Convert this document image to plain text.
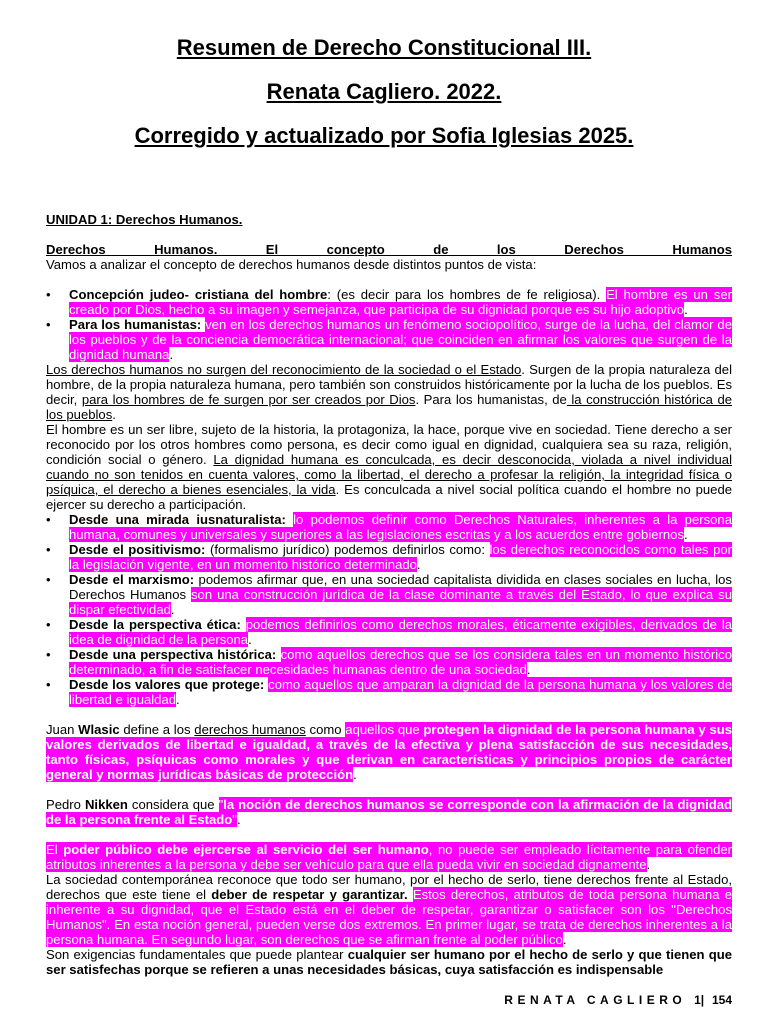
Resumen de Derecho Constitucional III.

Renata Cagliero. 2022.

Corregido y actualizado por Sofia Iglesias 2025.

UNIDAD 1: Derechos Humanos.

Derechos Humanos. El concepto de los Derechos Humanos

Vamos a analizar el concepto de derechos humanos desde distintos puntos de vista:

• Concepción judeo- cristiana del hombre: (es decir para los hombres de fe religiosa). El hombre es un ser creado por Dios, hecho a su imagen y semejanza, que participa de su dignidad porque es su hijo adoptivo.
• Para los humanistas: ven en los derechos humanos un fenómeno sociopolítico, surge de la lucha, del clamor de los pueblos y de la conciencia democrática internacional; que coinciden en afirmar los valores que surgen de la dignidad humana.

Los derechos humanos no surgen del reconocimiento de la sociedad o el Estado. Surgen de la propia naturaleza del hombre, de la propia naturaleza humana, pero también son construidos históricamente por la lucha de los pueblos. Es decir, para los hombres de fe surgen por ser creados por Dios. Para los humanistas, de la construcción histórica de los pueblos.

El hombre es un ser libre, sujeto de la historia, la protagoniza, la hace, porque vive en sociedad. Tiene derecho a ser reconocido por los otros hombres como persona, es decir como igual en dignidad, cualquiera sea su raza, religión, condición social o género. La dignidad humana es conculcada, es decir desconocida, violada a nivel individual cuando no son tenidos en cuenta valores, como la libertad, el derecho a profesar la religión, la integridad física o psíquica, el derecho a bienes esenciales, la vida. Es conculcada a nivel social política cuando el hombre no puede ejercer su derecho a participación.

• Desde una mirada iusnaturalista: lo podemos definir como Derechos Naturales, inherentes a la persona humana, comunes y universales y superiores a las legislaciones escritas y a los acuerdos entre gobiernos.
• Desde el positivismo: (formalismo jurídico) podemos definirlos como: los derechos reconocidos como tales por la legislación vigente, en un momento histórico determinado.
• Desde el marxismo: podemos afirmar que, en una sociedad capitalista dividida en clases sociales en lucha, los Derechos Humanos son una construcción jurídica de la clase dominante a través del Estado, lo que explica su dispar efectividad.
• Desde la perspectiva ética: podemos definirlos como derechos morales, éticamente exigibles, derivados de la idea de dignidad de la persona.
• Desde una perspectiva histórica: como aquellos derechos que se los considera tales en un momento histórico determinado, a fin de satisfacer necesidades humanas dentro de una sociedad.
• Desde los valores que protege: como aquellos que amparan la dignidad de la persona humana y los valores de libertad e igualdad.

Juan Wlasic define a los derechos humanos como aquellos que protegen la dignidad de la persona humana y sus valores derivados de libertad e igualdad, a través de la efectiva y plena satisfacción de sus necesidades, tanto físicas, psíquicas como morales y que derivan en características y principios propios de carácter general y normas jurídicas básicas de protección.

Pedro Nikken considera que "la noción de derechos humanos se corresponde con la afirmación de la dignidad de la persona frente al Estado".

El poder público debe ejercerse al servicio del ser humano, no puede ser empleado lícitamente para ofender atributos inherentes a la persona y debe ser vehículo para que ella pueda vivir en sociedad dignamente.

La sociedad contemporánea reconoce que todo ser humano, por el hecho de serlo, tiene derechos frente al Estado, derechos que este tiene el deber de respetar y garantizar. Estos derechos, atributos de toda persona humana e inherente a su dignidad, que el Estado está en el deber de respetar, garantizar o satisfacer son los "Derechos Humanos". En esta noción general, pueden verse dos extremos. En primer lugar, se trata de derechos inherentes a la persona humana. En segundo lugar, son derechos que se afirman frente al poder público.

Son exigencias fundamentales que puede plantear cualquier ser humano por el hecho de serlo y que tienen que ser satisfechas porque se refieren a unas necesidades básicas, cuya satisfacción es indispensable

RENATA CAGLIERO 1| 154
